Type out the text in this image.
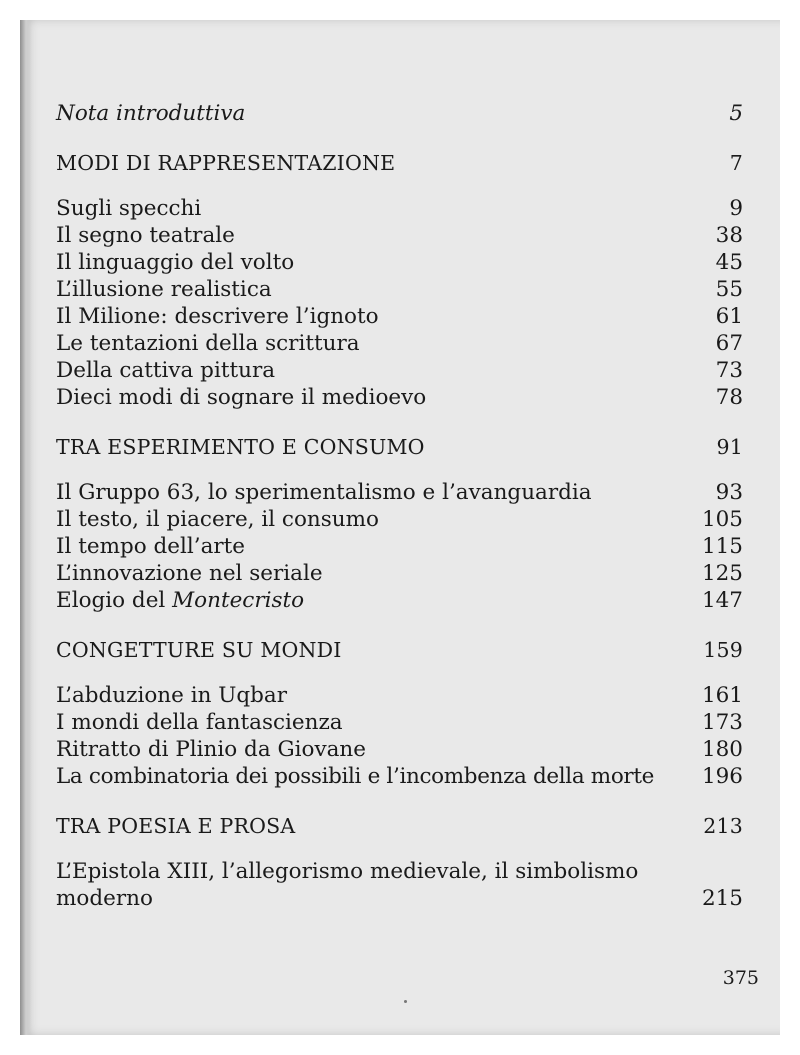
Nota introduttiva	5
MODI DI RAPPRESENTAZIONE	7
Sugli specchi	9
Il segno teatrale	38
Il linguaggio del volto	45
L’illusione realistica	55
Il Milione: descrivere l’ignoto	61
Le tentazioni della scrittura	67
Della cattiva pittura	73
Dieci modi di sognare il medioevo	78
TRA ESPERIMENTO E CONSUMO	91
Il Gruppo 63, lo sperimentalismo e l’avanguardia	93
Il testo, il piacere, il consumo	105
Il tempo dell’arte	115
L’innovazione nel seriale	125
Elogio del Montecristo	147
CONGETTURE SU MONDI	159
L’abduzione in Uqbar	161
I mondi della fantascienza	173
Ritratto di Plinio da Giovane	180
La combinatoria dei possibili e l’incombenza della morte 196
TRA POESIA E PROSA	213
L’Epistola XIII, l’allegorismo medievale, il simbolismo moderno	215
375
